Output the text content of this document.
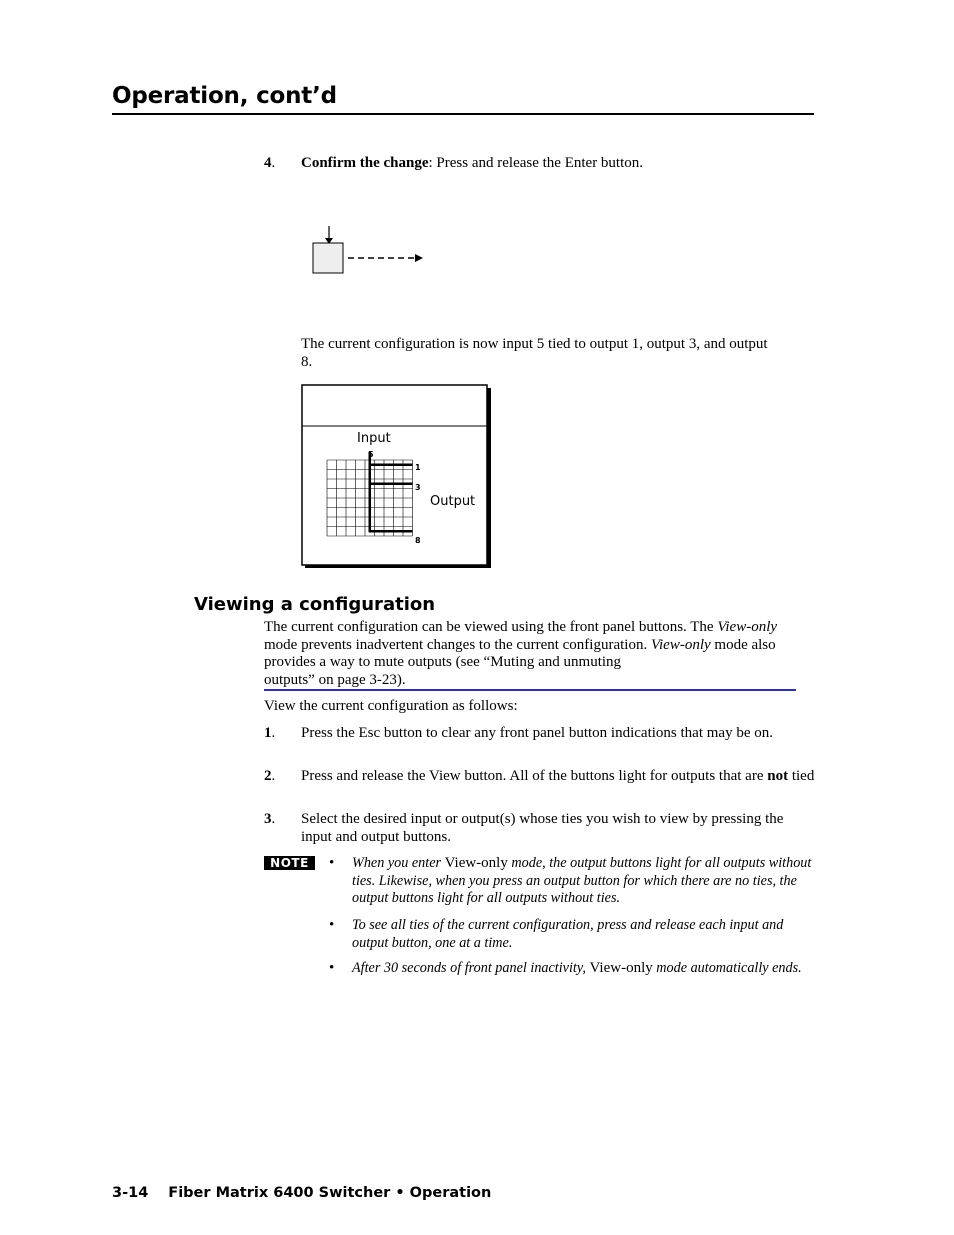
Operation, cont’d
4. Confirm the change: Press and release the Enter button.
The current configuration is now input 5 tied to output 1, output 3, and output 8.
Input
Output
5
1
3
8
Viewing a configuration
The current configuration can be viewed using the front panel buttons. The View-only mode prevents inadvertent changes to the current configuration. View-only mode also provides a way to mute outputs (see “Muting and unmuting
outputs” on page 3-23).
View the current configuration as follows:
1. Press the Esc button to clear any front panel button indications that may be on.
2. Press and release the View button. All of the buttons light for outputs that are not tied
3. Select the desired input or output(s) whose ties you wish to view by pressing the input and output buttons.
NOTE	• When you enter View-only mode, the output buttons light for all outputs without ties. Likewise, when you press an output button for which there are no ties, the output buttons light for all outputs without ties.
• To see all ties of the current configuration, press and release each input and output button, one at a time.
• After 30 seconds of front panel inactivity, View-only mode automatically ends.
3-14 Fiber Matrix 6400 Switcher • Operation
